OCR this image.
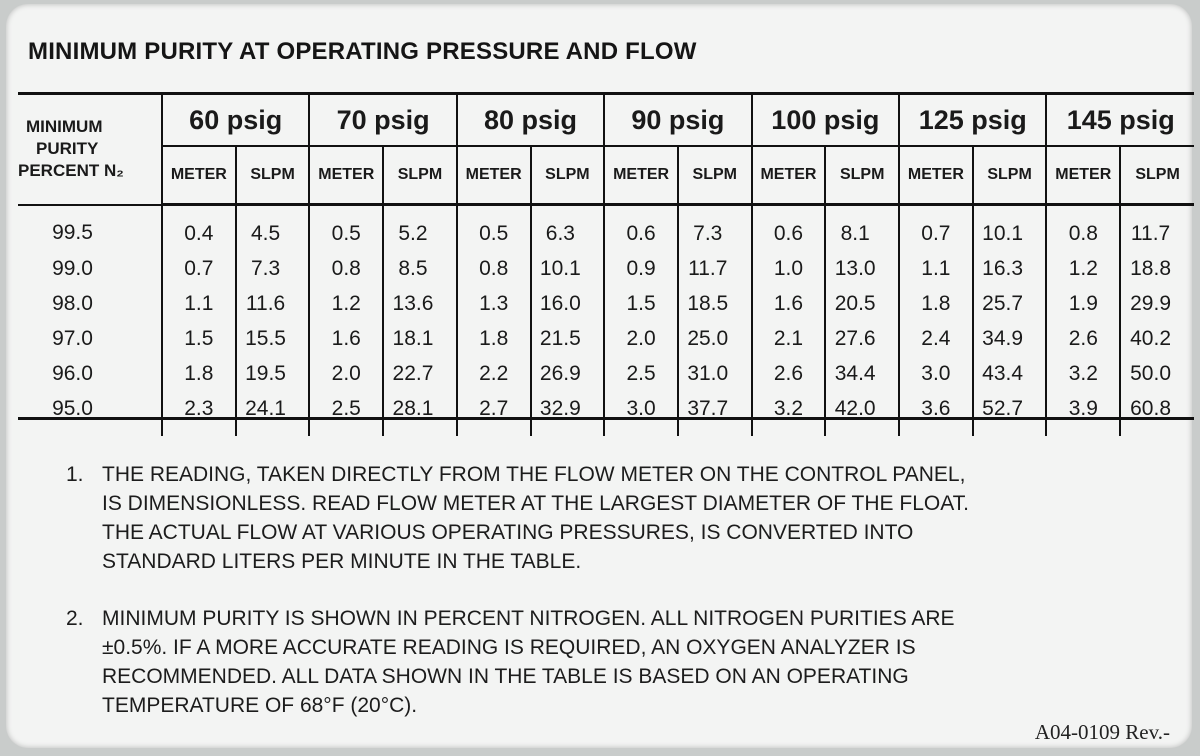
MINIMUM PURITY AT OPERATING PRESSURE AND FLOW
MINIMUM
PURITY
PERCENT N₂	60 psig		70 psig		80 psig		90 psig		100 psig		125 psig		145 psig	
	METER	SLPM	METER	SLPM	METER	SLPM	METER	SLPM	METER	SLPM	METER	SLPM	METER	SLPM
99.5	0.4	4.5	0.5	5.2	0.5	6.3	0.6	7.3	0.6	8.1	0.7	10.1	0.8	11.7
99.0	0.7	7.3	0.8	8.5	0.8	10.1	0.9	11.7	1.0	13.0	1.1	16.3	1.2	18.8
98.0	1.1	11.6	1.2	13.6	1.3	16.0	1.5	18.5	1.6	20.5	1.8	25.7	1.9	29.9
97.0	1.5	15.5	1.6	18.1	1.8	21.5	2.0	25.0	2.1	27.6	2.4	34.9	2.6	40.2
96.0	1.8	19.5	2.0	22.7	2.2	26.9	2.5	31.0	2.6	34.4	3.0	43.4	3.2	50.0
95.0	2.3	24.1	2.5	28.1	2.7	32.9	3.0	37.7	3.2	42.0	3.6	52.7	3.9	60.8
1. THE READING, TAKEN DIRECTLY FROM THE FLOW METER ON THE CONTROL PANEL,
IS DIMENSIONLESS. READ FLOW METER AT THE LARGEST DIAMETER OF THE FLOAT.
THE ACTUAL FLOW AT VARIOUS OPERATING PRESSURES, IS CONVERTED INTO
STANDARD LITERS PER MINUTE IN THE TABLE.
2. MINIMUM PURITY IS SHOWN IN PERCENT NITROGEN. ALL NITROGEN PURITIES ARE
±0.5%. IF A MORE ACCURATE READING IS REQUIRED, AN OXYGEN ANALYZER IS
RECOMMENDED. ALL DATA SHOWN IN THE TABLE IS BASED ON AN OPERATING
TEMPERATURE OF 68°F (20°C).
A04-0109 Rev.-
